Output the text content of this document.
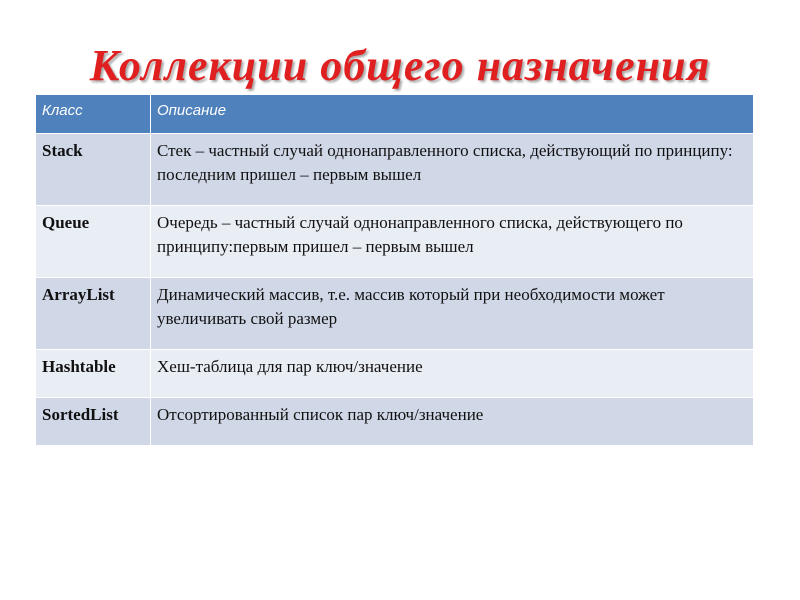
Коллекции общего назначения
Класс	Описание
Stack	Стек – частный случай однонаправленного списка, действующий по принципу: последним пришел – первым вышел
Queue	Очередь – частный случай однонаправленного списка, действующего по принципу:первым пришел – первым вышел
ArrayList	Динамический массив, т.е. массив который при необходимости может увеличивать свой размер
Hashtable	Хеш-таблица для пар ключ/значение
SortedList	Отсортированный список пар ключ/значение
